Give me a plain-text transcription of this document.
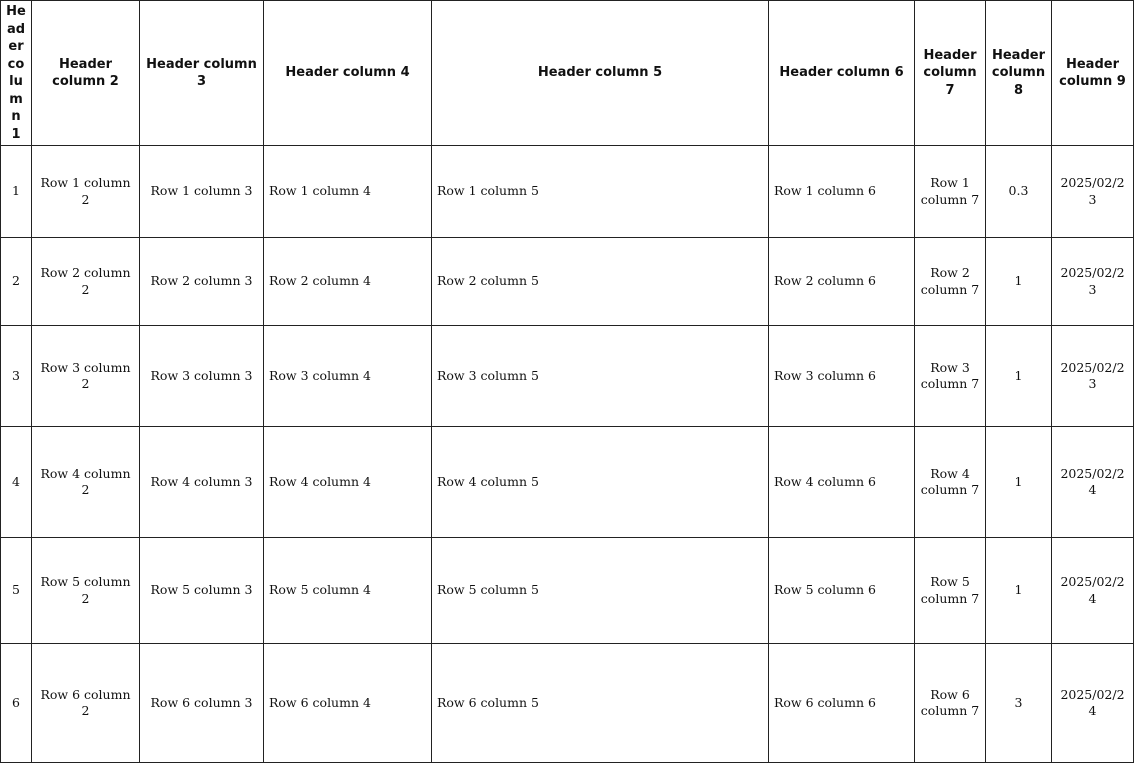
Header column 1	Header column 2	Header column 3	Header column 4	Header column 5	Header column 6	Header column 7	Header column 8	Header column 9
1	Row 1 column 2	Row 1 column 3	Row 1 column 4	Row 1 column 5	Row 1 column 6	Row 1 column 7	0.3	2025/02/23
2	Row 2 column 2	Row 2 column 3	Row 2 column 4	Row 2 column 5	Row 2 column 6	Row 2 column 7	1	2025/02/23
3	Row 3 column 2	Row 3 column 3	Row 3 column 4	Row 3 column 5	Row 3 column 6	Row 3 column 7	1	2025/02/23
4	Row 4 column 2	Row 4 column 3	Row 4 column 4	Row 4 column 5	Row 4 column 6	Row 4 column 7	1	2025/02/24
5	Row 5 column 2	Row 5 column 3	Row 5 column 4	Row 5 column 5	Row 5 column 6	Row 5 column 7	1	2025/02/24
6	Row 6 column 2	Row 6 column 3	Row 6 column 4	Row 6 column 5	Row 6 column 6	Row 6 column 7	3	2025/02/24
